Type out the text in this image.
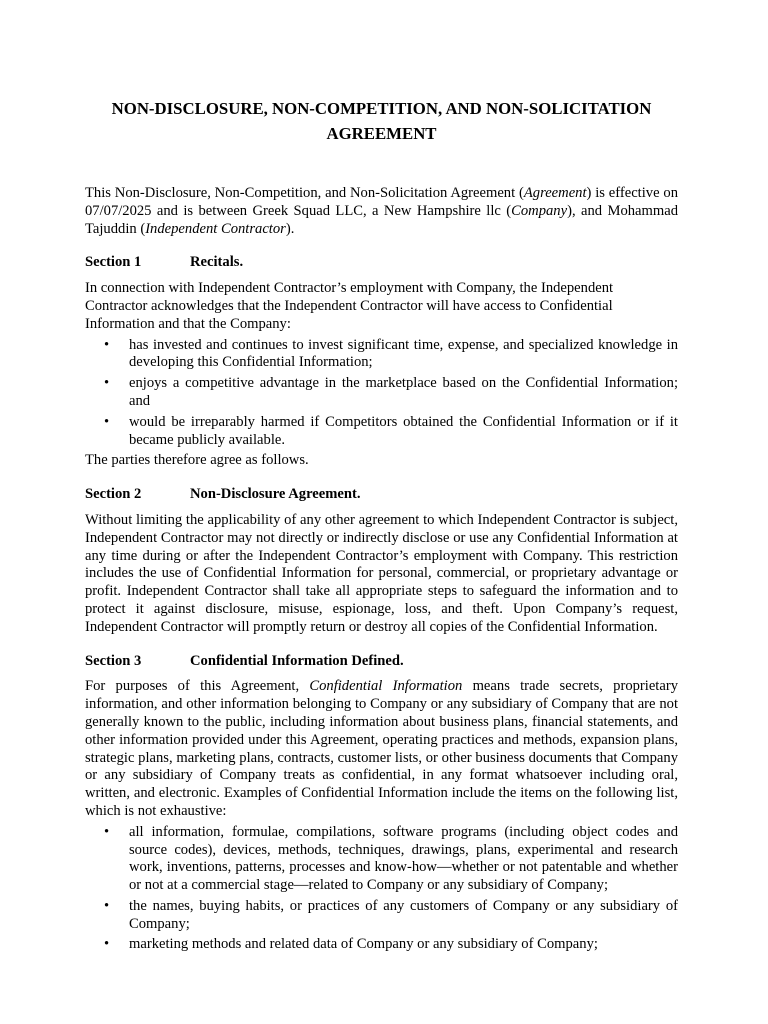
NON-DISCLOSURE, NON-COMPETITION, AND NON-SOLICITATION
AGREEMENT

This Non-Disclosure, Non-Competition, and Non-Solicitation Agreement (Agreement) is effective on 07/07/2025 and is between Greek Squad LLC, a New Hampshire llc (Company), and Mohammad Tajuddin (Independent Contractor).

Section 1	Recitals.

In connection with Independent Contractor’s employment with Company, the Independent Contractor acknowledges that the Independent Contractor will have access to Confidential Information and that the Company:

• has invested and continues to invest significant time, expense, and specialized knowledge in developing this Confidential Information;
• enjoys a competitive advantage in the marketplace based on the Confidential Information; and
• would be irreparably harmed if Competitors obtained the Confidential Information or if it became publicly available.

The parties therefore agree as follows.

Section 2	Non-Disclosure Agreement.

Without limiting the applicability of any other agreement to which Independent Contractor is subject, Independent Contractor may not directly or indirectly disclose or use any Confidential Information at any time during or after the Independent Contractor’s employment with Company. This restriction includes the use of Confidential Information for personal, commercial, or proprietary advantage or profit. Independent Contractor shall take all appropriate steps to safeguard the information and to protect it against disclosure, misuse, espionage, loss, and theft. Upon Company’s request, Independent Contractor will promptly return or destroy all copies of the Confidential Information.

Section 3	Confidential Information Defined.

For purposes of this Agreement, Confidential Information means trade secrets, proprietary information, and other information belonging to Company or any subsidiary of Company that are not generally known to the public, including information about business plans, financial statements, and other information provided under this Agreement, operating practices and methods, expansion plans, strategic plans, marketing plans, contracts, customer lists, or other business documents that Company or any subsidiary of Company treats as confidential, in any format whatsoever including oral, written, and electronic. Examples of Confidential Information include the items on the following list, which is not exhaustive:

• all information, formulae, compilations, software programs (including object codes and source codes), devices, methods, techniques, drawings, plans, experimental and research work, inventions, patterns, processes and know-how—whether or not patentable and whether or not at a commercial stage—related to Company or any subsidiary of Company;
• the names, buying habits, or practices of any customers of Company or any subsidiary of Company;
• marketing methods and related data of Company or any subsidiary of Company;
